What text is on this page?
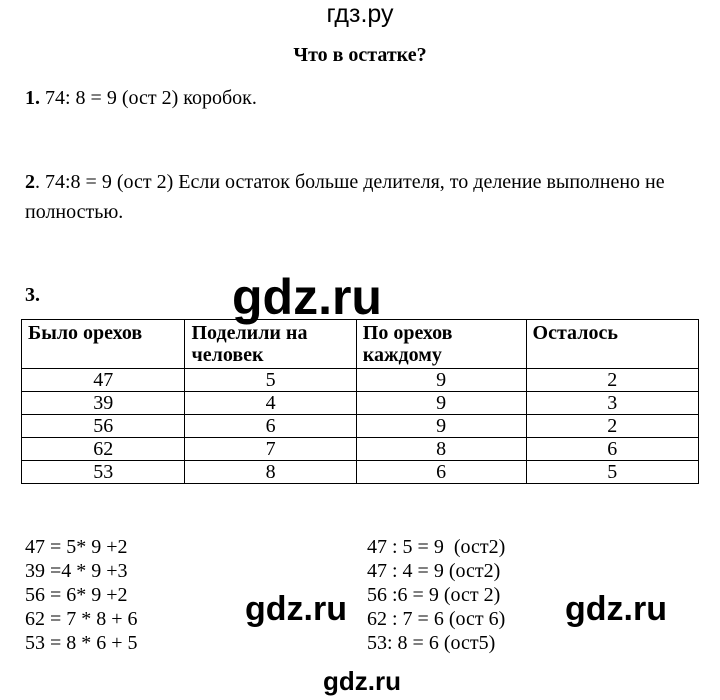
гдз.ру
Что в остатке?
1. 74: 8 = 9 (ост 2) коробок.
2. 74:8 = 9 (ост 2) Если остаток больше делителя, то деление выполнено не полностью.
3.	gdz.ru
Было орехов	Поделили на человек	По орехов каждому	Осталось
47	5	9	2
39	4	9	3
56	6	9	2
62	7	8	6
53	8	6	5
47 = 5* 9 +2
39 =4 * 9 +3
56 = 6* 9 +2
62 = 7 * 8 + 6
53 = 8 * 6 + 5
47 : 5 = 9  (ост2)
47 : 4 = 9 (ост2)
56 :6 = 9 (ост 2)
62 : 7 = 6 (ост 6)
53: 8 = 6 (ост5)
gdz.ru	gdz.ru
gdz.ru
